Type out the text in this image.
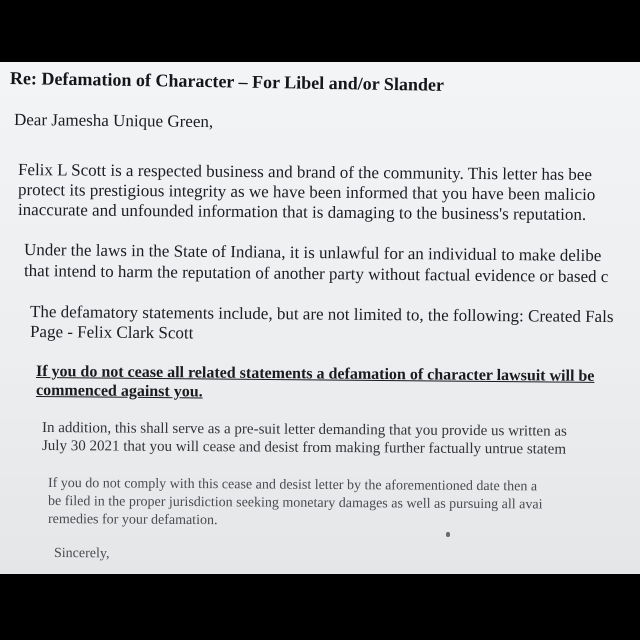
Re: Defamation of Character – For Libel and/or Slander
Dear Jamesha Unique Green,
Felix L Scott is a respected business and brand of the community. This letter has bee
protect its prestigious integrity as we have been informed that you have been malicio
inaccurate and unfounded information that is damaging to the business's reputation.
Under the laws in the State of Indiana, it is unlawful for an individual to make delibe
that intend to harm the reputation of another party without factual evidence or based c
The defamatory statements include, but are not limited to, the following: Created Fals
Page - Felix Clark Scott
If you do not cease all related statements a defamation of character lawsuit will be
commenced against you.
In addition, this shall serve as a pre-suit letter demanding that you provide us written as
July 30 2021 that you will cease and desist from making further factually untrue statem
If you do not comply with this cease and desist letter by the aforementioned date then a
be filed in the proper jurisdiction seeking monetary damages as well as pursuing all avai
remedies for your defamation.
Sincerely,
